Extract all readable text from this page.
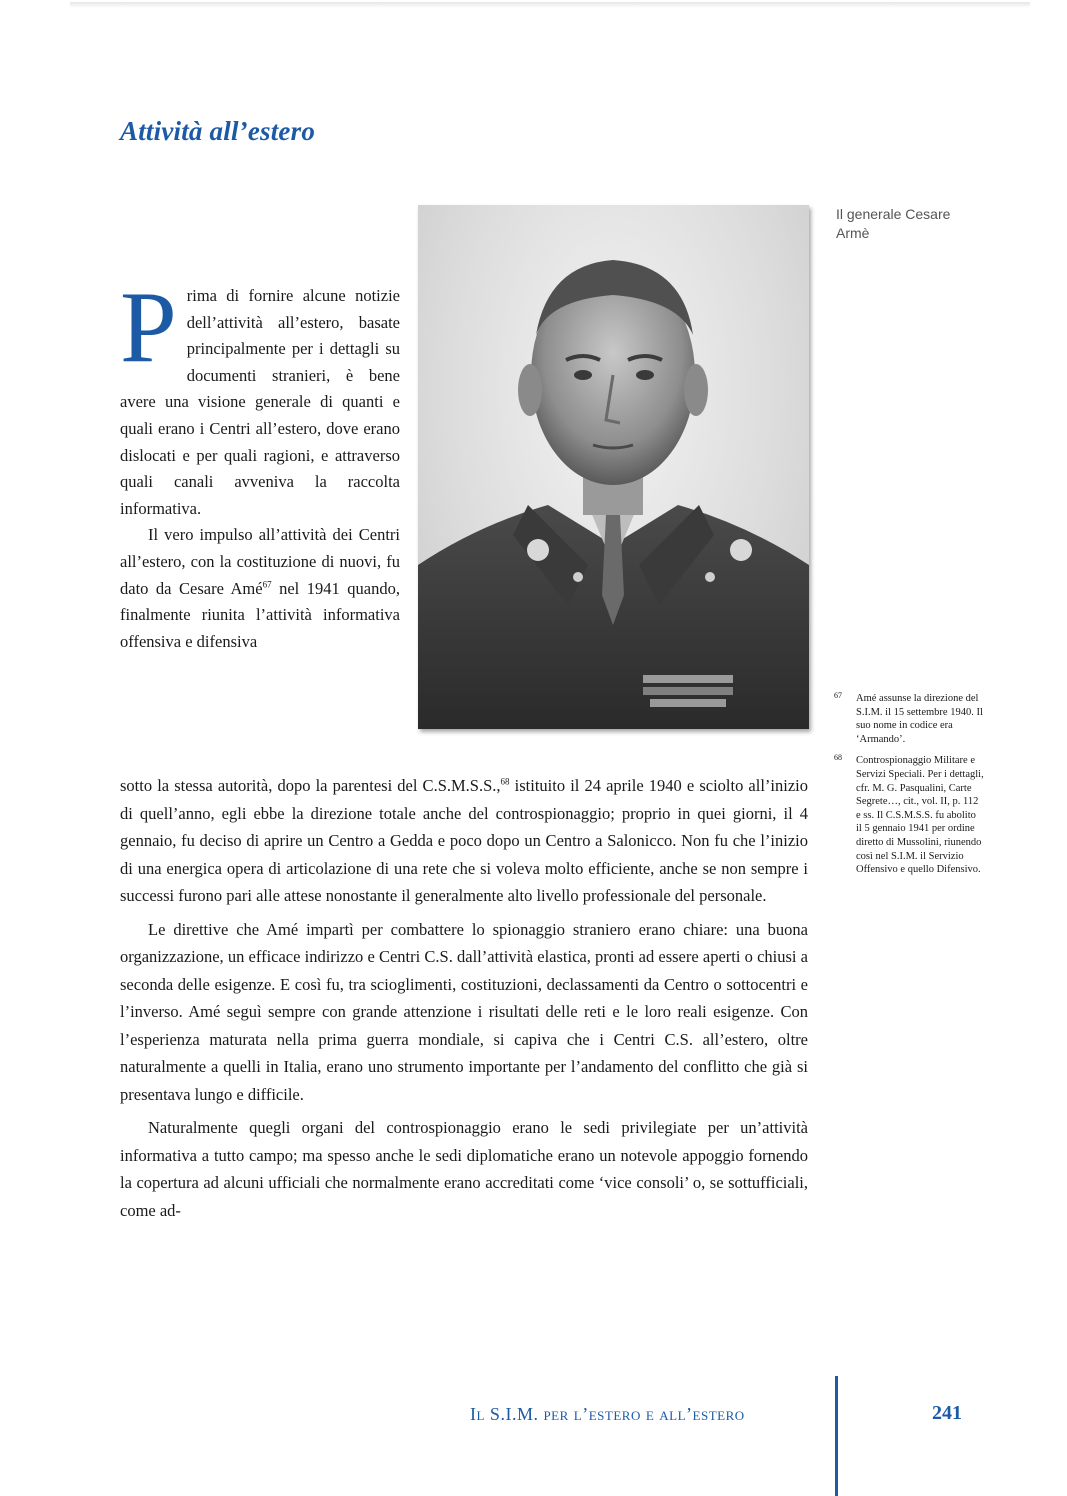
Attività all’estero
Il generale Cesare Armè

Prima di fornire alcune notizie dell’attività all’estero, basate principalmente per i dettagli su documenti stranieri, è bene avere una visione generale di quanti e quali erano i Centri all’estero, dove erano dislocati e per quali ragioni, e attraverso quali canali avveniva la raccolta informativa.

Il vero impulso all’attività dei Centri all’estero, con la costituzione di nuovi, fu dato da Cesare Amé$^{67}$ nel 1941 quando, finalmente riunita l’attività informativa offensiva e difensiva

sotto la stessa autorità, dopo la parentesi del C.S.M.S.S.,$^{68}$ istituito il 24 aprile 1940 e sciolto all’inizio di quell’anno, egli ebbe la direzione totale anche del controspionaggio; proprio in quei giorni, il 4 gennaio, fu deciso di aprire un Centro a Gedda e poco dopo un Centro a Salonicco. Non fu che l’inizio di una energica opera di articolazione di una rete che si voleva molto efficiente, anche se non sempre i successi furono pari alle attese nonostante il generalmente alto livello professionale del personale.

Le direttive che Amé impartì per combattere lo spionaggio straniero erano chiare: una buona organizzazione, un efficace indirizzo e Centri C.S. dall’attività elastica, pronti ad essere aperti o chiusi a seconda delle esigenze. E così fu, tra scioglimenti, costituzioni, declassamenti da Centro o sottocentri e l’inverso. Amé seguì sempre con grande attenzione i risultati delle reti e le loro reali esigenze. Con l’esperienza maturata nella prima guerra mondiale, si capiva che i Centri C.S. all’estero, oltre naturalmente a quelli in Italia, erano uno strumento importante per l’andamento del conflitto che già si presentava lungo e difficile.

Naturalmente quegli organi del controspionaggio erano le sedi privilegiate per un’attività informativa a tutto campo; ma spesso anche le sedi diplomatiche erano un notevole appoggio fornendo la copertura ad alcuni ufficiali che normalmente erano accreditati come ‘vice consoli’ o, se sottufficiali, come ad-

67 Amé assunse la direzione del S.I.M. il 15 settembre 1940. Il suo nome in codice era ‘Armando’.
68 Controspionaggio Militare e Servizi Speciali. Per i dettagli, cfr. M. G. Pasqualini, Carte Segrete…, cit., vol. II, p. 112 e ss. Il C.S.M.S.S. fu abolito il 5 gennaio 1941 per ordine diretto di Mussolini, riunendo così nel S.I.M. il Servizio Offensivo e quello Difensivo.
Il S.I.M. per l’estero e all’estero	241
